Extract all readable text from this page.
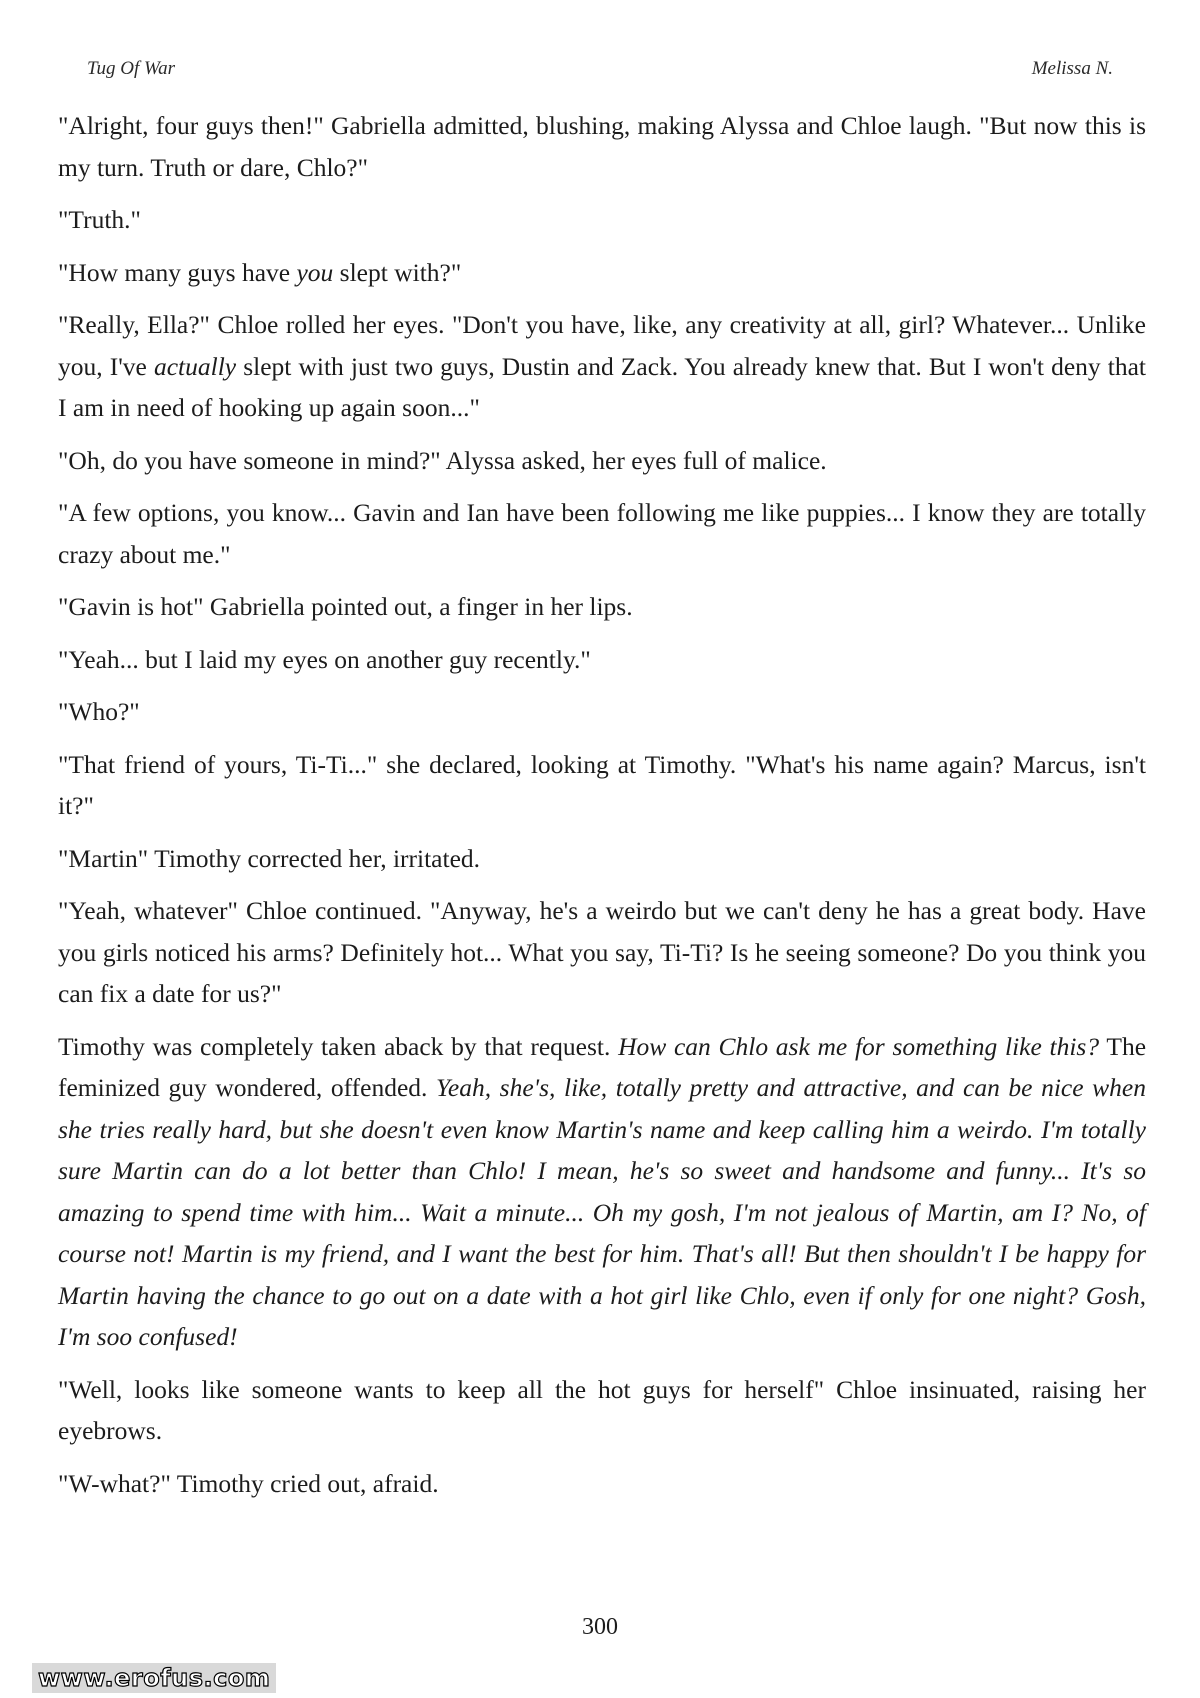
Tug Of War	Melissa N.

"Alright, four guys then!" Gabriella admitted, blushing, making Alyssa and Chloe laugh. "But now this is my turn. Truth or dare, Chlo?"

"Truth."

"How many guys have you slept with?"

"Really, Ella?" Chloe rolled her eyes. "Don't you have, like, any creativity at all, girl? Whatever... Unlike you, I've actually slept with just two guys, Dustin and Zack. You already knew that. But I won't deny that I am in need of hooking up again soon..."

"Oh, do you have someone in mind?" Alyssa asked, her eyes full of malice.

"A few options, you know... Gavin and Ian have been following me like puppies... I know they are totally crazy about me."

"Gavin is hot" Gabriella pointed out, a finger in her lips.

"Yeah... but I laid my eyes on another guy recently."

"Who?"

"That friend of yours, Ti-Ti..." she declared, looking at Timothy. "What's his name again? Marcus, isn't it?"

"Martin" Timothy corrected her, irritated.

"Yeah, whatever" Chloe continued. "Anyway, he's a weirdo but we can't deny he has a great body. Have you girls noticed his arms? Definitely hot... What you say, Ti-Ti? Is he seeing someone? Do you think you can fix a date for us?"

Timothy was completely taken aback by that request. How can Chlo ask me for something like this? The feminized guy wondered, offended. Yeah, she's, like, totally pretty and attractive, and can be nice when she tries really hard, but she doesn't even know Martin's name and keep calling him a weirdo. I'm totally sure Martin can do a lot better than Chlo! I mean, he's so sweet and handsome and funny... It's so amazing to spend time with him... Wait a minute... Oh my gosh, I'm not jealous of Martin, am I? No, of course not! Martin is my friend, and I want the best for him. That's all! But then shouldn't I be happy for Martin having the chance to go out on a date with a hot girl like Chlo, even if only for one night? Gosh, I'm soo confused!

"Well, looks like someone wants to keep all the hot guys for herself" Chloe insinuated, raising her eyebrows.

"W-what?" Timothy cried out, afraid.

300
www.erofus.com
